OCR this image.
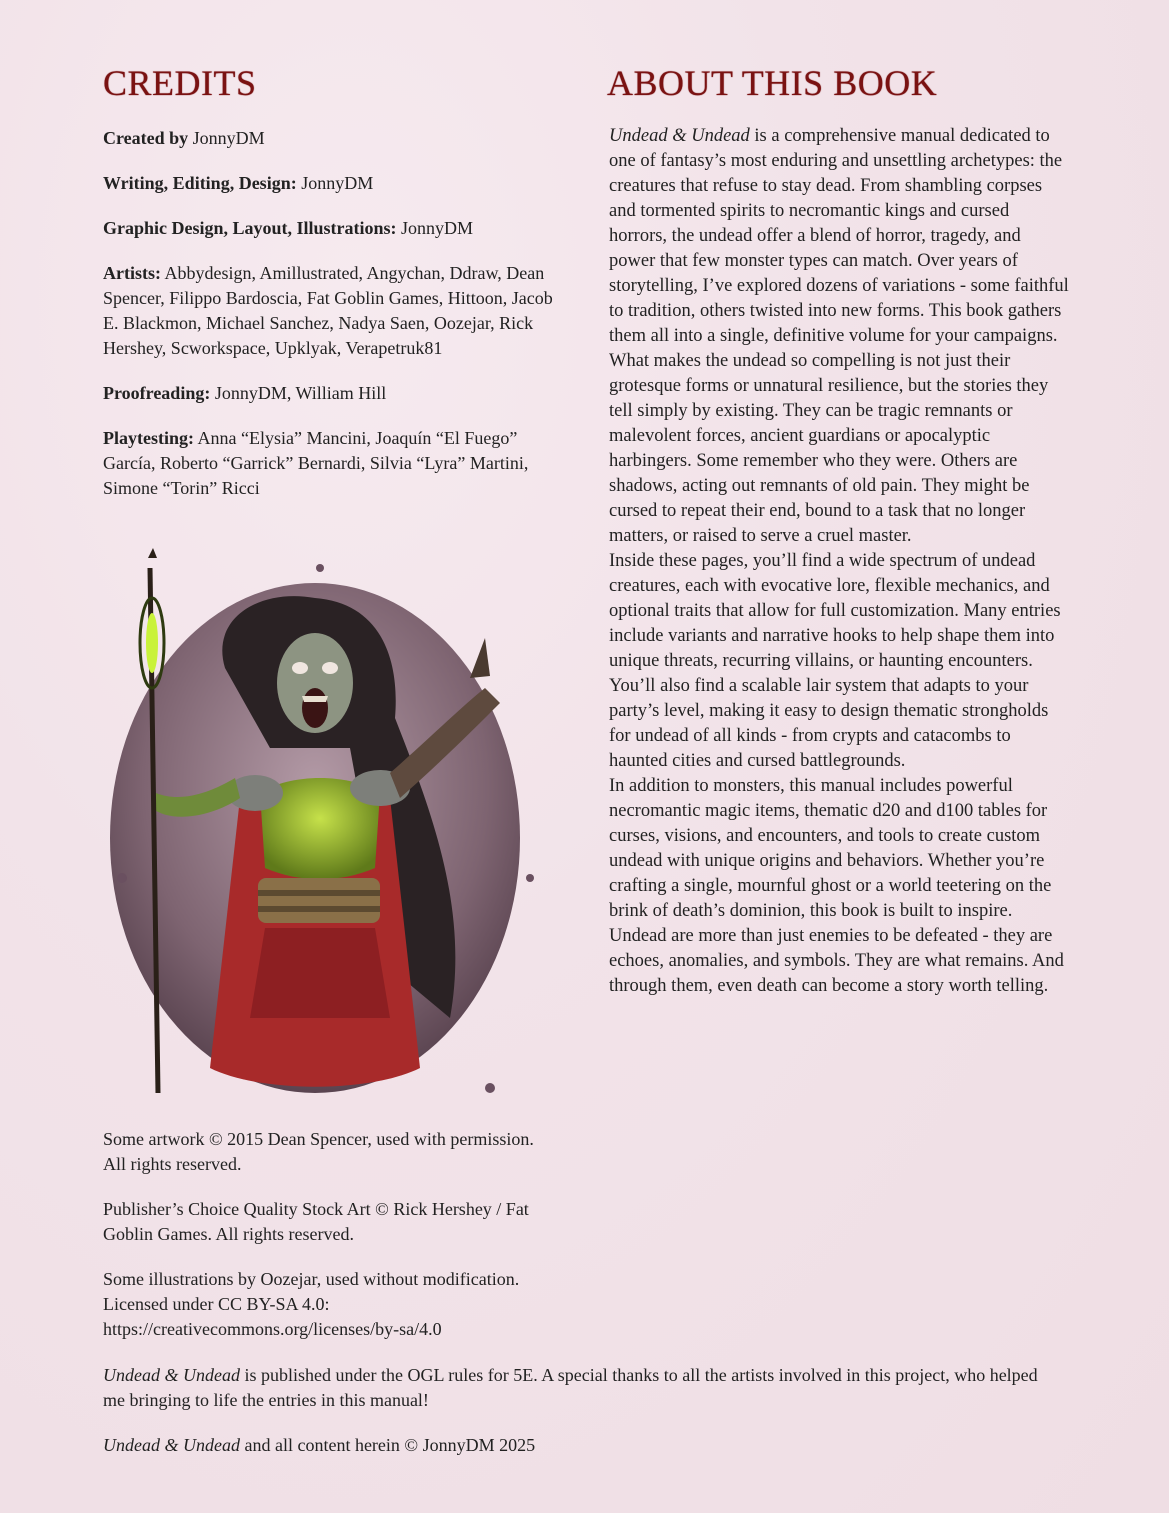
CREDITS	ABOUT THIS BOOK

Created by JonnyDM

Writing, Editing, Design: JonnyDM

Graphic Design, Layout, Illustrations: JonnyDM

Artists: Abbydesign, Amillustrated, Angychan, Ddraw, Dean Spencer, Filippo Bardoscia, Fat Goblin Games, Hittoon, Jacob E. Blackmon, Michael Sanchez, Nadya Saen, Oozejar, Rick Hershey, Scworkspace, Upklyak, Verapetruk81

Proofreading: JonnyDM, William Hill

Playtesting: Anna “Elysia” Mancini, Joaquín “El Fuego” García, Roberto “Garrick” Bernardi, Silvia “Lyra” Martini, Simone “Torin” Ricci

Some artwork © 2015 Dean Spencer, used with permission. All rights reserved.

Publisher’s Choice Quality Stock Art © Rick Hershey / Fat Goblin Games. All rights reserved.

Some illustrations by Oozejar, used without modification. Licensed under CC BY-SA 4.0: https://creativecommons.org/licenses/by-sa/4.0

Undead & Undead is a comprehensive manual dedicated to one of fantasy’s most enduring and unsettling archetypes: the creatures that refuse to stay dead. From shambling corpses and tormented spirits to necromantic kings and cursed horrors, the undead offer a blend of horror, tragedy, and power that few monster types can match. Over years of storytelling, I’ve explored dozens of variations - some faithful to tradition, others twisted into new forms. This book gathers them all into a single, definitive volume for your campaigns.

What makes the undead so compelling is not just their grotesque forms or unnatural resilience, but the stories they tell simply by existing. They can be tragic remnants or malevolent forces, ancient guardians or apocalyptic harbingers. Some remember who they were. Others are shadows, acting out remnants of old pain. They might be cursed to repeat their end, bound to a task that no longer matters, or raised to serve a cruel master.

Inside these pages, you’ll find a wide spectrum of undead creatures, each with evocative lore, flexible mechanics, and optional traits that allow for full customization. Many entries include variants and narrative hooks to help shape them into unique threats, recurring villains, or haunting encounters. You’ll also find a scalable lair system that adapts to your party’s level, making it easy to design thematic strongholds for undead of all kinds - from crypts and catacombs to haunted cities and cursed battlegrounds.

In addition to monsters, this manual includes powerful necromantic magic items, thematic d20 and d100 tables for curses, visions, and encounters, and tools to create custom undead with unique origins and behaviors. Whether you’re crafting a single, mournful ghost or a world teetering on the brink of death’s dominion, this book is built to inspire.

Undead are more than just enemies to be defeated - they are echoes, anomalies, and symbols. They are what remains. And through them, even death can become a story worth telling.

Undead & Undead is published under the OGL rules for 5E. A special thanks to all the artists involved in this project, who helped me bringing to life the entries in this manual!

Undead & Undead and all content herein © JonnyDM 2025
